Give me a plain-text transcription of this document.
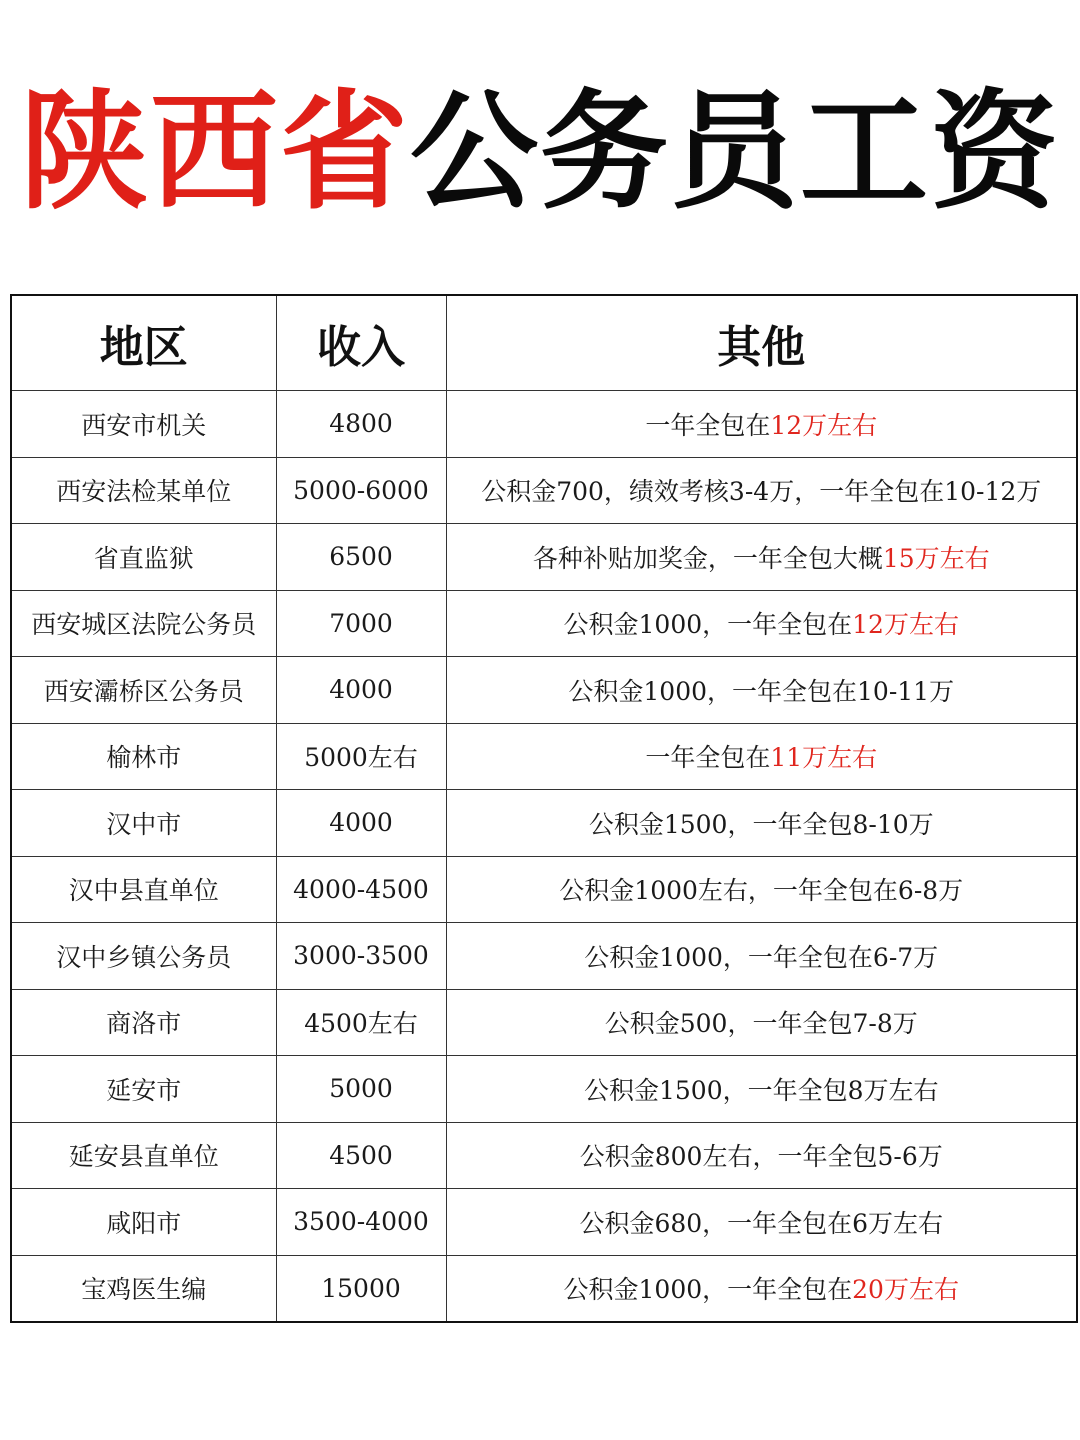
陕西省公务员工资
地区	收入	其他
西安市机关	4800	一年全包在12万左右
西安法检某单位	5000-6000	公积金700，绩效考核3-4万，一年全包在10-12万
省直监狱	6500	各种补贴加奖金，一年全包大概15万左右
西安城区法院公务员	7000	公积金1000，一年全包在12万左右
西安灞桥区公务员	4000	公积金1000，一年全包在10-11万
榆林市	5000左右	一年全包在11万左右
汉中市	4000	公积金1500，一年全包8-10万
汉中县直单位	4000-4500	公积金1000左右，一年全包在6-8万
汉中乡镇公务员	3000-3500	公积金1000，一年全包在6-7万
商洛市	4500左右	公积金500，一年全包7-8万
延安市	5000	公积金1500，一年全包8万左右
延安县直单位	4500	公积金800左右，一年全包5-6万
咸阳市	3500-4000	公积金680，一年全包在6万左右
宝鸡医生编	15000	公积金1000，一年全包在20万左右
